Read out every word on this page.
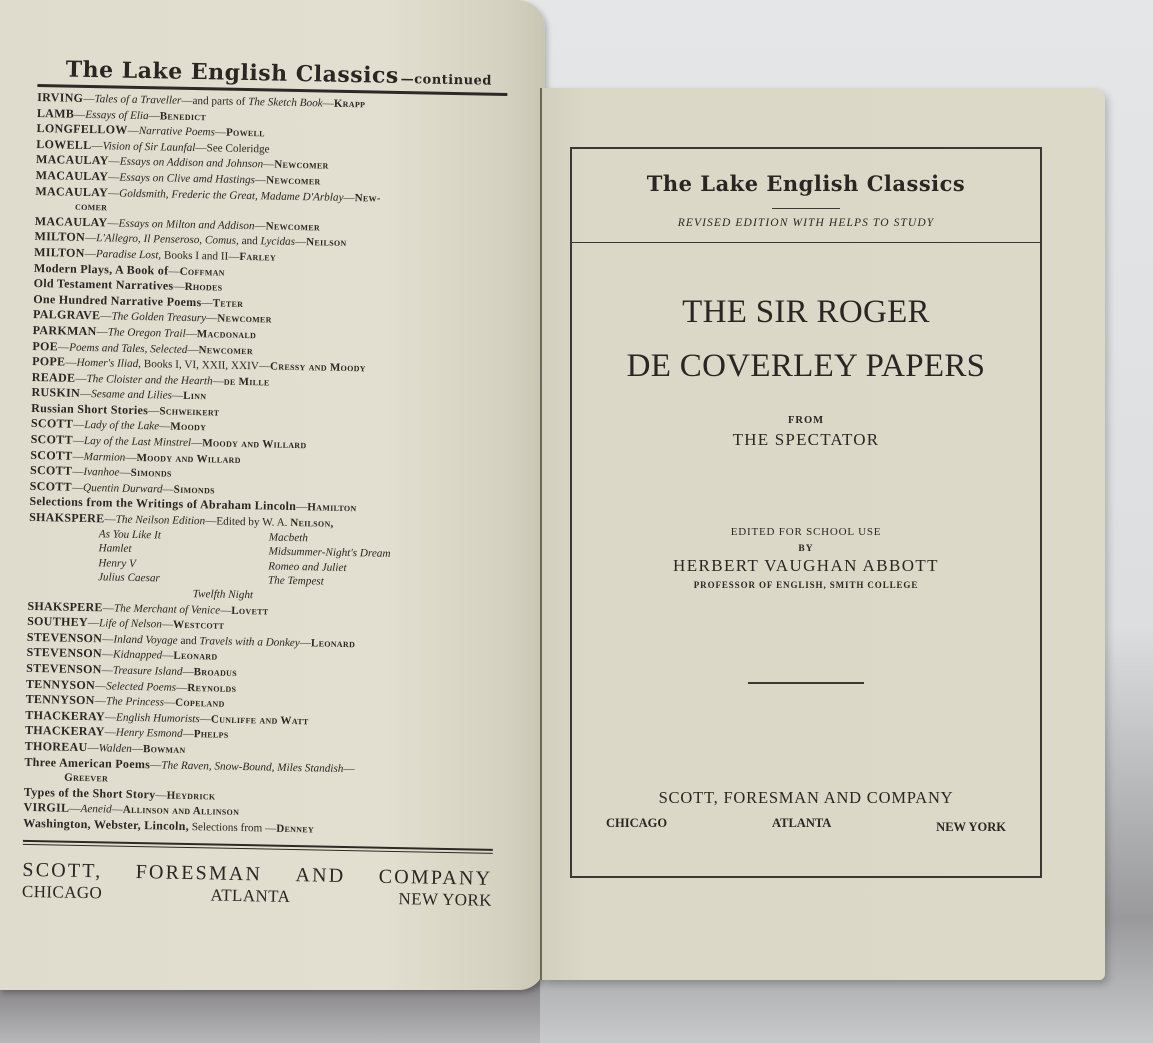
The Lake English Classics —continued
IRVING—Tales of a Traveller—and parts of The Sketch Book—Krapp
LAMB—Essays of Elia—Benedict
LONGFELLOW—Narrative Poems—Powell
LOWELL—Vision of Sir Launfal—See Coleridge
MACAULAY—Essays on Addison and Johnson—Newcomer
MACAULAY—Essays on Clive amd Hastings—Newcomer
MACAULAY—Goldsmith, Frederic the Great, Madame D'Arblay—New-
comer
MACAULAY—Essays on Milton and Addison—Newcomer
MILTON—L'Allegro, Il Penseroso, Comus, and Lycidas—Neilson
MILTON—Paradise Lost, Books I and II—Farley
Modern Plays, A Book of—Coffman
Old Testament Narratives—Rhodes
One Hundred Narrative Poems—Teter
PALGRAVE—The Golden Treasury—Newcomer
PARKMAN—The Oregon Trail—Macdonald
POE—Poems and Tales, Selected—Newcomer
POPE—Homer's Iliad, Books I, VI, XXII, XXIV—Cressy and Moody
READE—The Cloister and the Hearth—de Mille
RUSKIN—Sesame and Lilies—Linn
Russian Short Stories—Schweikert
SCOTT—Lady of the Lake—Moody
SCOTT—Lay of the Last Minstrel—Moody and Willard
SCOTT—Marmion—Moody and Willard
SCOTT—Ivanhoe—Simonds
SCOTT—Quentin Durward—Simonds
Selections from the Writings of Abraham Lincoln—Hamilton
SHAKSPERE—The Neilson Edition—Edited by W. A. Neilson,
As You Like It	Macbeth
Hamlet	Midsummer-Night's Dream
Henry V	Romeo and Juliet
Julius Caesar	The Tempest
Twelfth Night
SHAKSPERE—The Merchant of Venice—Lovett
SOUTHEY—Life of Nelson—Westcott
STEVENSON—Inland Voyage and Travels with a Donkey—Leonard
STEVENSON—Kidnapped—Leonard
STEVENSON—Treasure Island—Broadus
TENNYSON—Selected Poems—Reynolds
TENNYSON—The Princess—Copeland
THACKERAY—English Humorists—Cunliffe and Watt
THACKERAY—Henry Esmond—Phelps
THOREAU—Walden—Bowman
Three American Poems—The Raven, Snow-Bound, Miles Standish—
Greever
Types of the Short Story—Heydrick
VIRGIL—Aeneid—Allinson and Allinson
Washington, Webster, Lincoln, Selections from —Denney
SCOTT, FORESMAN AND COMPANY
CHICAGO	ATLANTA	NEW YORK
The Lake English Classics
REVISED EDITION WITH HELPS TO STUDY
THE SIR ROGER
DE COVERLEY PAPERS
FROM
THE SPECTATOR
EDITED FOR SCHOOL USE
BY
HERBERT VAUGHAN ABBOTT
PROFESSOR OF ENGLISH, SMITH COLLEGE
SCOTT, FORESMAN AND COMPANY
CHICAGO	ATLANTA	NEW YORK
